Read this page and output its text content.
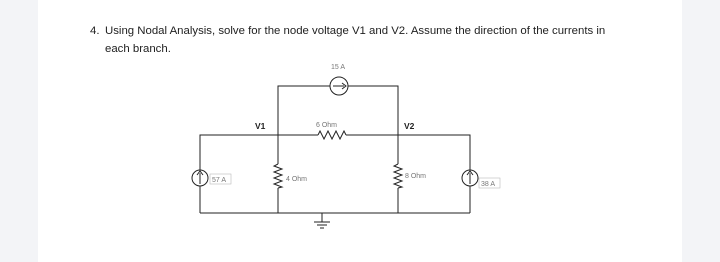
4. Using Nodal Analysis, solve for the node voltage V1 and V2. Assume the direction of the currents in
each branch.
15 A
57 A
38 A
6 Ohm
4 Ohm	8 Ohm
V1	V2
